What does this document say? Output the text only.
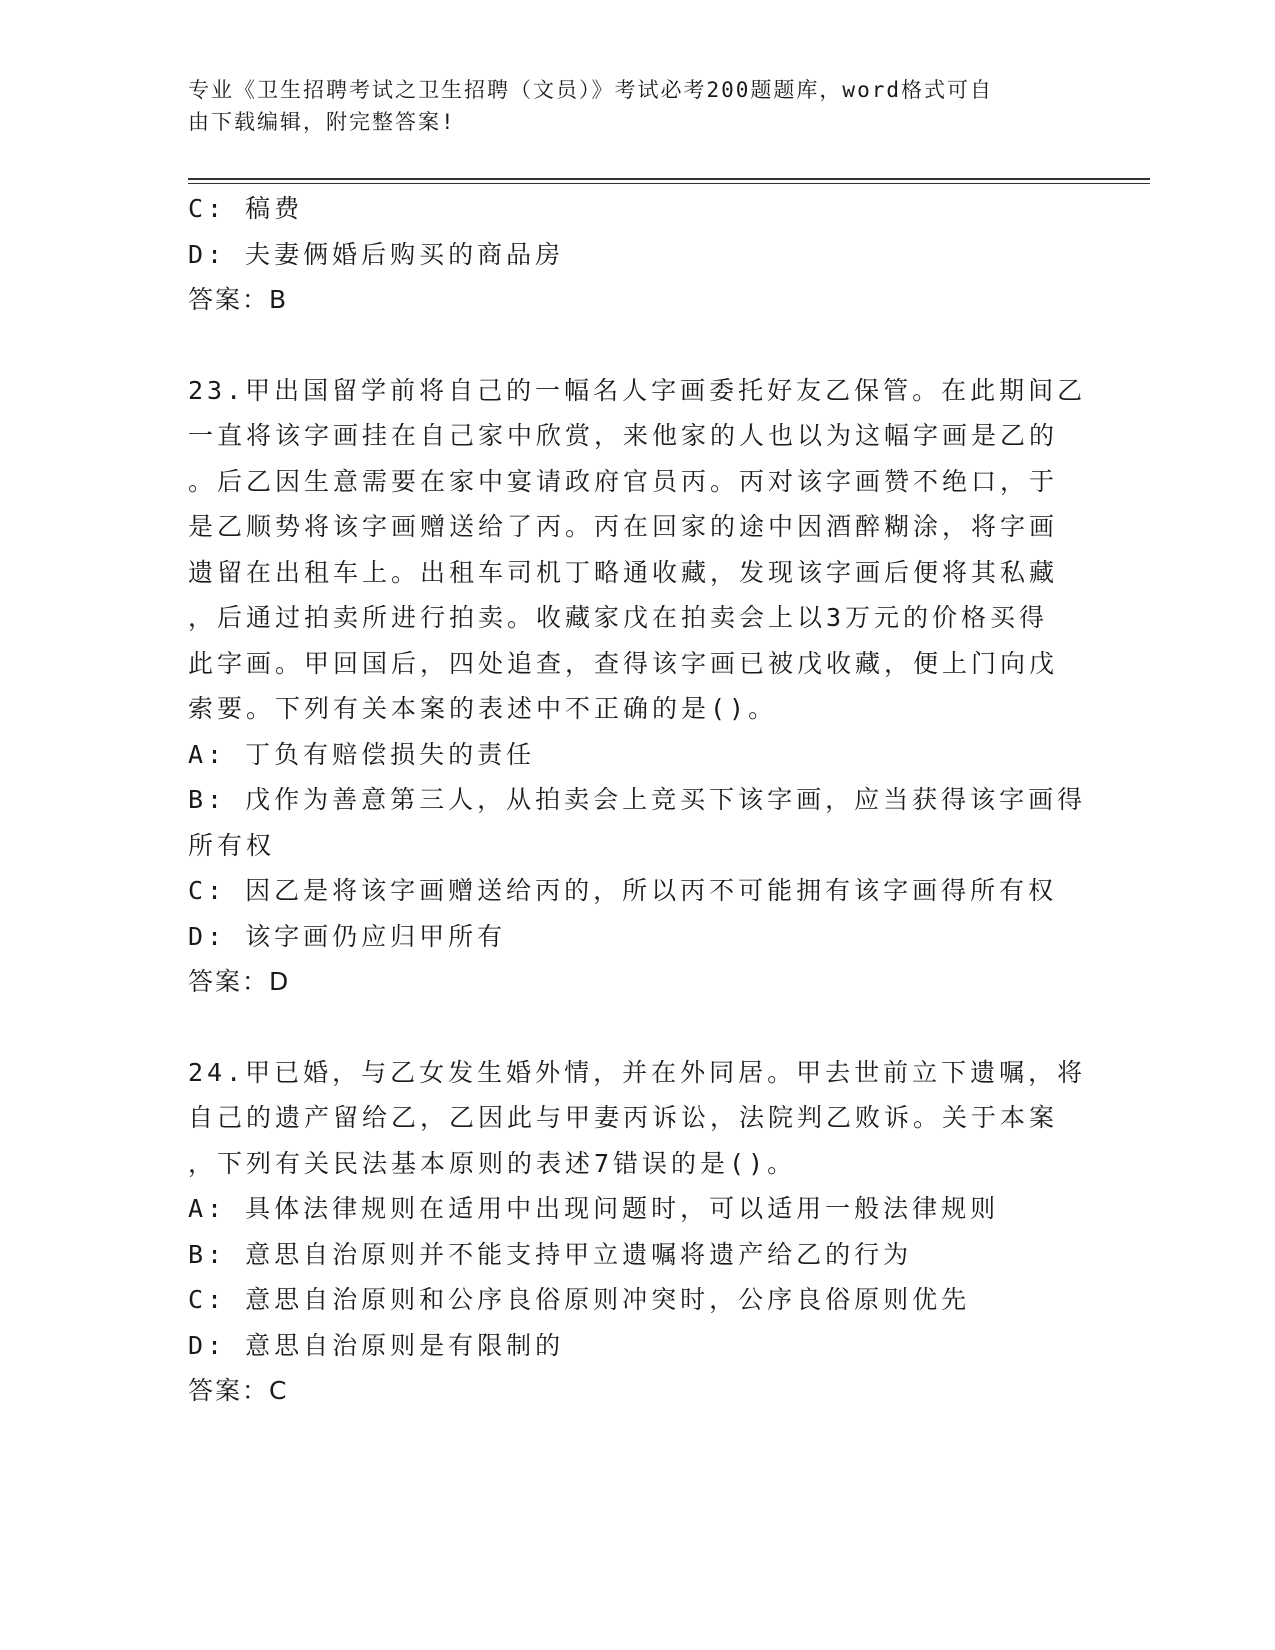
专业《卫生招聘考试之卫生招聘（文员）》考试必考200题题库，word格式可自
由下载编辑，附完整答案!
C: 稿费
D: 夫妻俩婚后购买的商品房
答案：B
23.甲出国留学前将自己的一幅名人字画委托好友乙保管。在此期间乙
一直将该字画挂在自己家中欣赏，来他家的人也以为这幅字画是乙的
。后乙因生意需要在家中宴请政府官员丙。丙对该字画赞不绝口，于
是乙顺势将该字画赠送给了丙。丙在回家的途中因酒醉糊涂，将字画
遗留在出租车上。出租车司机丁略通收藏，发现该字画后便将其私藏
，后通过拍卖所进行拍卖。收藏家戊在拍卖会上以3万元的价格买得
此字画。甲回国后，四处追查，查得该字画已被戊收藏，便上门向戊
索要。下列有关本案的表述中不正确的是()。
A: 丁负有赔偿损失的责任
B: 戊作为善意第三人，从拍卖会上竞买下该字画，应当获得该字画得
所有权
C: 因乙是将该字画赠送给丙的，所以丙不可能拥有该字画得所有权
D: 该字画仍应归甲所有
答案：D
24.甲已婚，与乙女发生婚外情，并在外同居。甲去世前立下遗嘱，将
自己的遗产留给乙，乙因此与甲妻丙诉讼，法院判乙败诉。关于本案
，下列有关民法基本原则的表述7错误的是()。
A: 具体法律规则在适用中出现问题时，可以适用一般法律规则
B: 意思自治原则并不能支持甲立遗嘱将遗产给乙的行为
C: 意思自治原则和公序良俗原则冲突时，公序良俗原则优先
D: 意思自治原则是有限制的
答案：C
